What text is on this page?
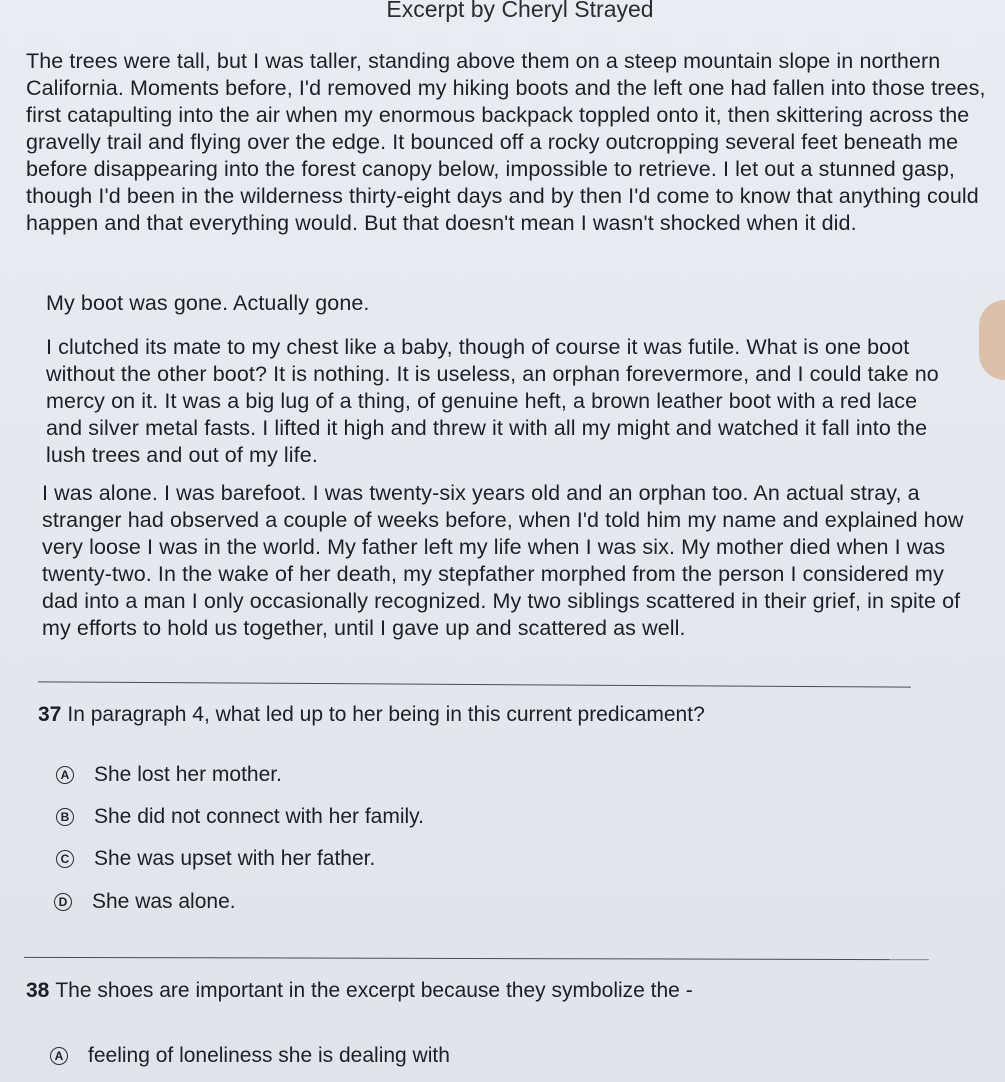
Excerpt by Cheryl Strayed

The trees were tall, but I was taller, standing above them on a steep mountain slope in northern California. Moments before, I'd removed my hiking boots and the left one had fallen into those trees, first catapulting into the air when my enormous backpack toppled onto it, then skittering across the gravelly trail and flying over the edge. It bounced off a rocky outcropping several feet beneath me before disappearing into the forest canopy below, impossible to retrieve. I let out a stunned gasp, though I'd been in the wilderness thirty-eight days and by then I'd come to know that anything could happen and that everything would. But that doesn't mean I wasn't shocked when it did.

My boot was gone. Actually gone.

I clutched its mate to my chest like a baby, though of course it was futile. What is one boot without the other boot? It is nothing. It is useless, an orphan forevermore, and I could take no mercy on it. It was a big lug of a thing, of genuine heft, a brown leather boot with a red lace and silver metal fasts. I lifted it high and threw it with all my might and watched it fall into the lush trees and out of my life.

I was alone. I was barefoot. I was twenty-six years old and an orphan too. An actual stray, a stranger had observed a couple of weeks before, when I'd told him my name and explained how very loose I was in the world. My father left my life when I was six. My mother died when I was twenty-two. In the wake of her death, my stepfather morphed from the person I considered my dad into a man I only occasionally recognized. My two siblings scattered in their grief, in spite of my efforts to hold us together, until I gave up and scattered as well.

37 In paragraph 4, what led up to her being in this current predicament?
A She lost her mother.
B She did not connect with her family.
C She was upset with her father.
D She was alone.
38 The shoes are important in the excerpt because they symbolize the -
A feeling of loneliness she is dealing with
